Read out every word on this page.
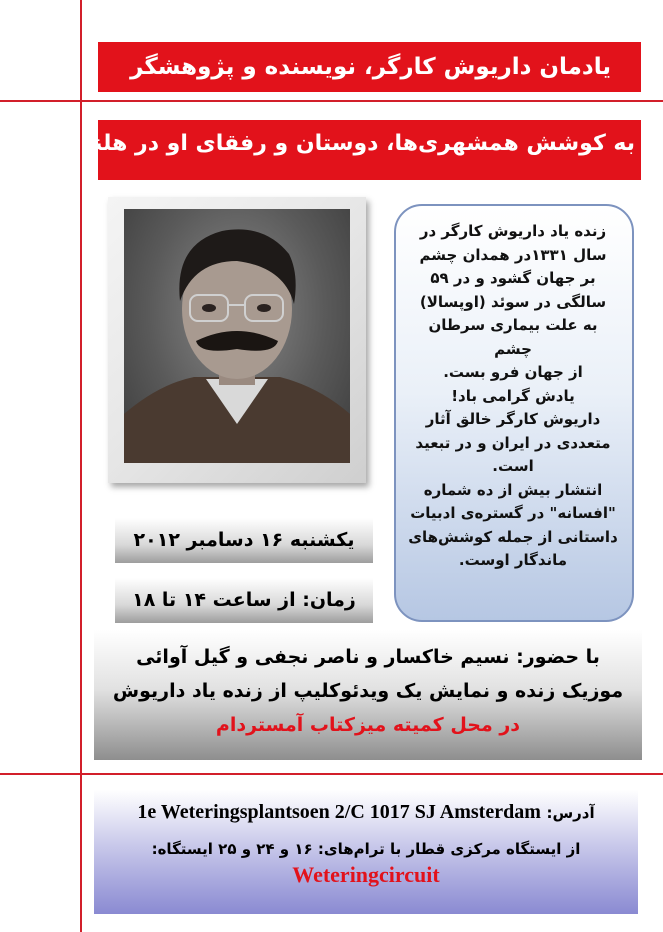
یادمان داریوش کارگر، نویسنده و پژوهشگر
به کوشش همشهری‌ها، دوستان و رفقای او در هلند

زنده یاد داریوش کارگر در

سال ۱۳۳۱در همدان چشم

بر جهان گشود و در ۵۹

سالگی در سوئد (اوپسالا)

به علت بیماری سرطان چشم

از جهان فرو بست.

یادش گرامی باد!

داریوش کارگر خالق آثار

متعددی در ایران و در تبعید

است.

انتشار بیش از ده شماره

"افسانه" در گستره‌ی ادبیات

داستانی از جمله کوشش‌های

ماندگار اوست.

یکشنبه ۱۶ دسامبر ۲۰۱۲
زمان: از ساعت ۱۴ تا ۱۸
با حضور: نسیم خاکسار و ناصر نجفی و گیل آوائی
موزیک زنده و نمایش یک ویدئوکلیپ از زنده یاد داریوش
در محل کمیته میزکتاب آمستردام
آدرس: 1e Weteringsplantsoen 2/C 1017 SJ Amsterdam
از ایستگاه مرکزی قطار با ترام‌های: ۱۶ و ۲۴ و ۲۵ ایستگاه:
Weteringcircuit
